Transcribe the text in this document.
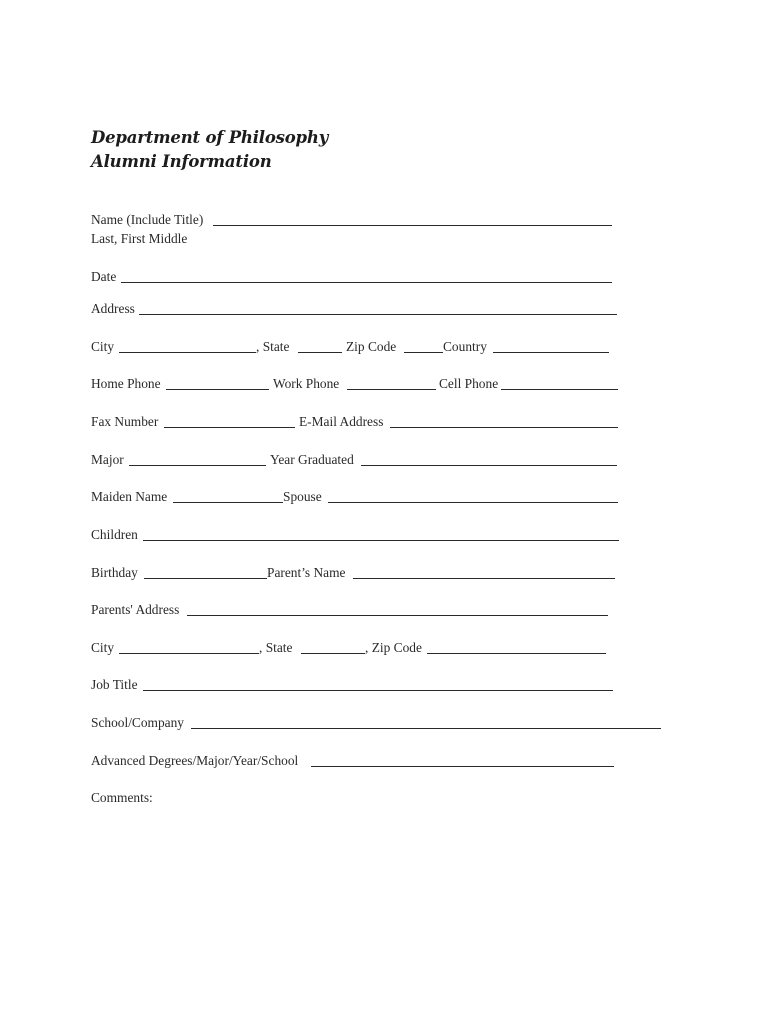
Department of Philosophy
Alumni Information
Name (Include Title)
Last, First Middle
Date
Address
City	, State	Zip Code	Country
Home Phone	Work Phone	Cell Phone
Fax Number	E-Mail Address
Major	Year Graduated
Maiden Name	Spouse
Children
Birthday	Parent’s Name
Parents' Address
City	, State	, Zip Code
Job Title
School/Company
Advanced Degrees/Major/Year/School
Comments:
